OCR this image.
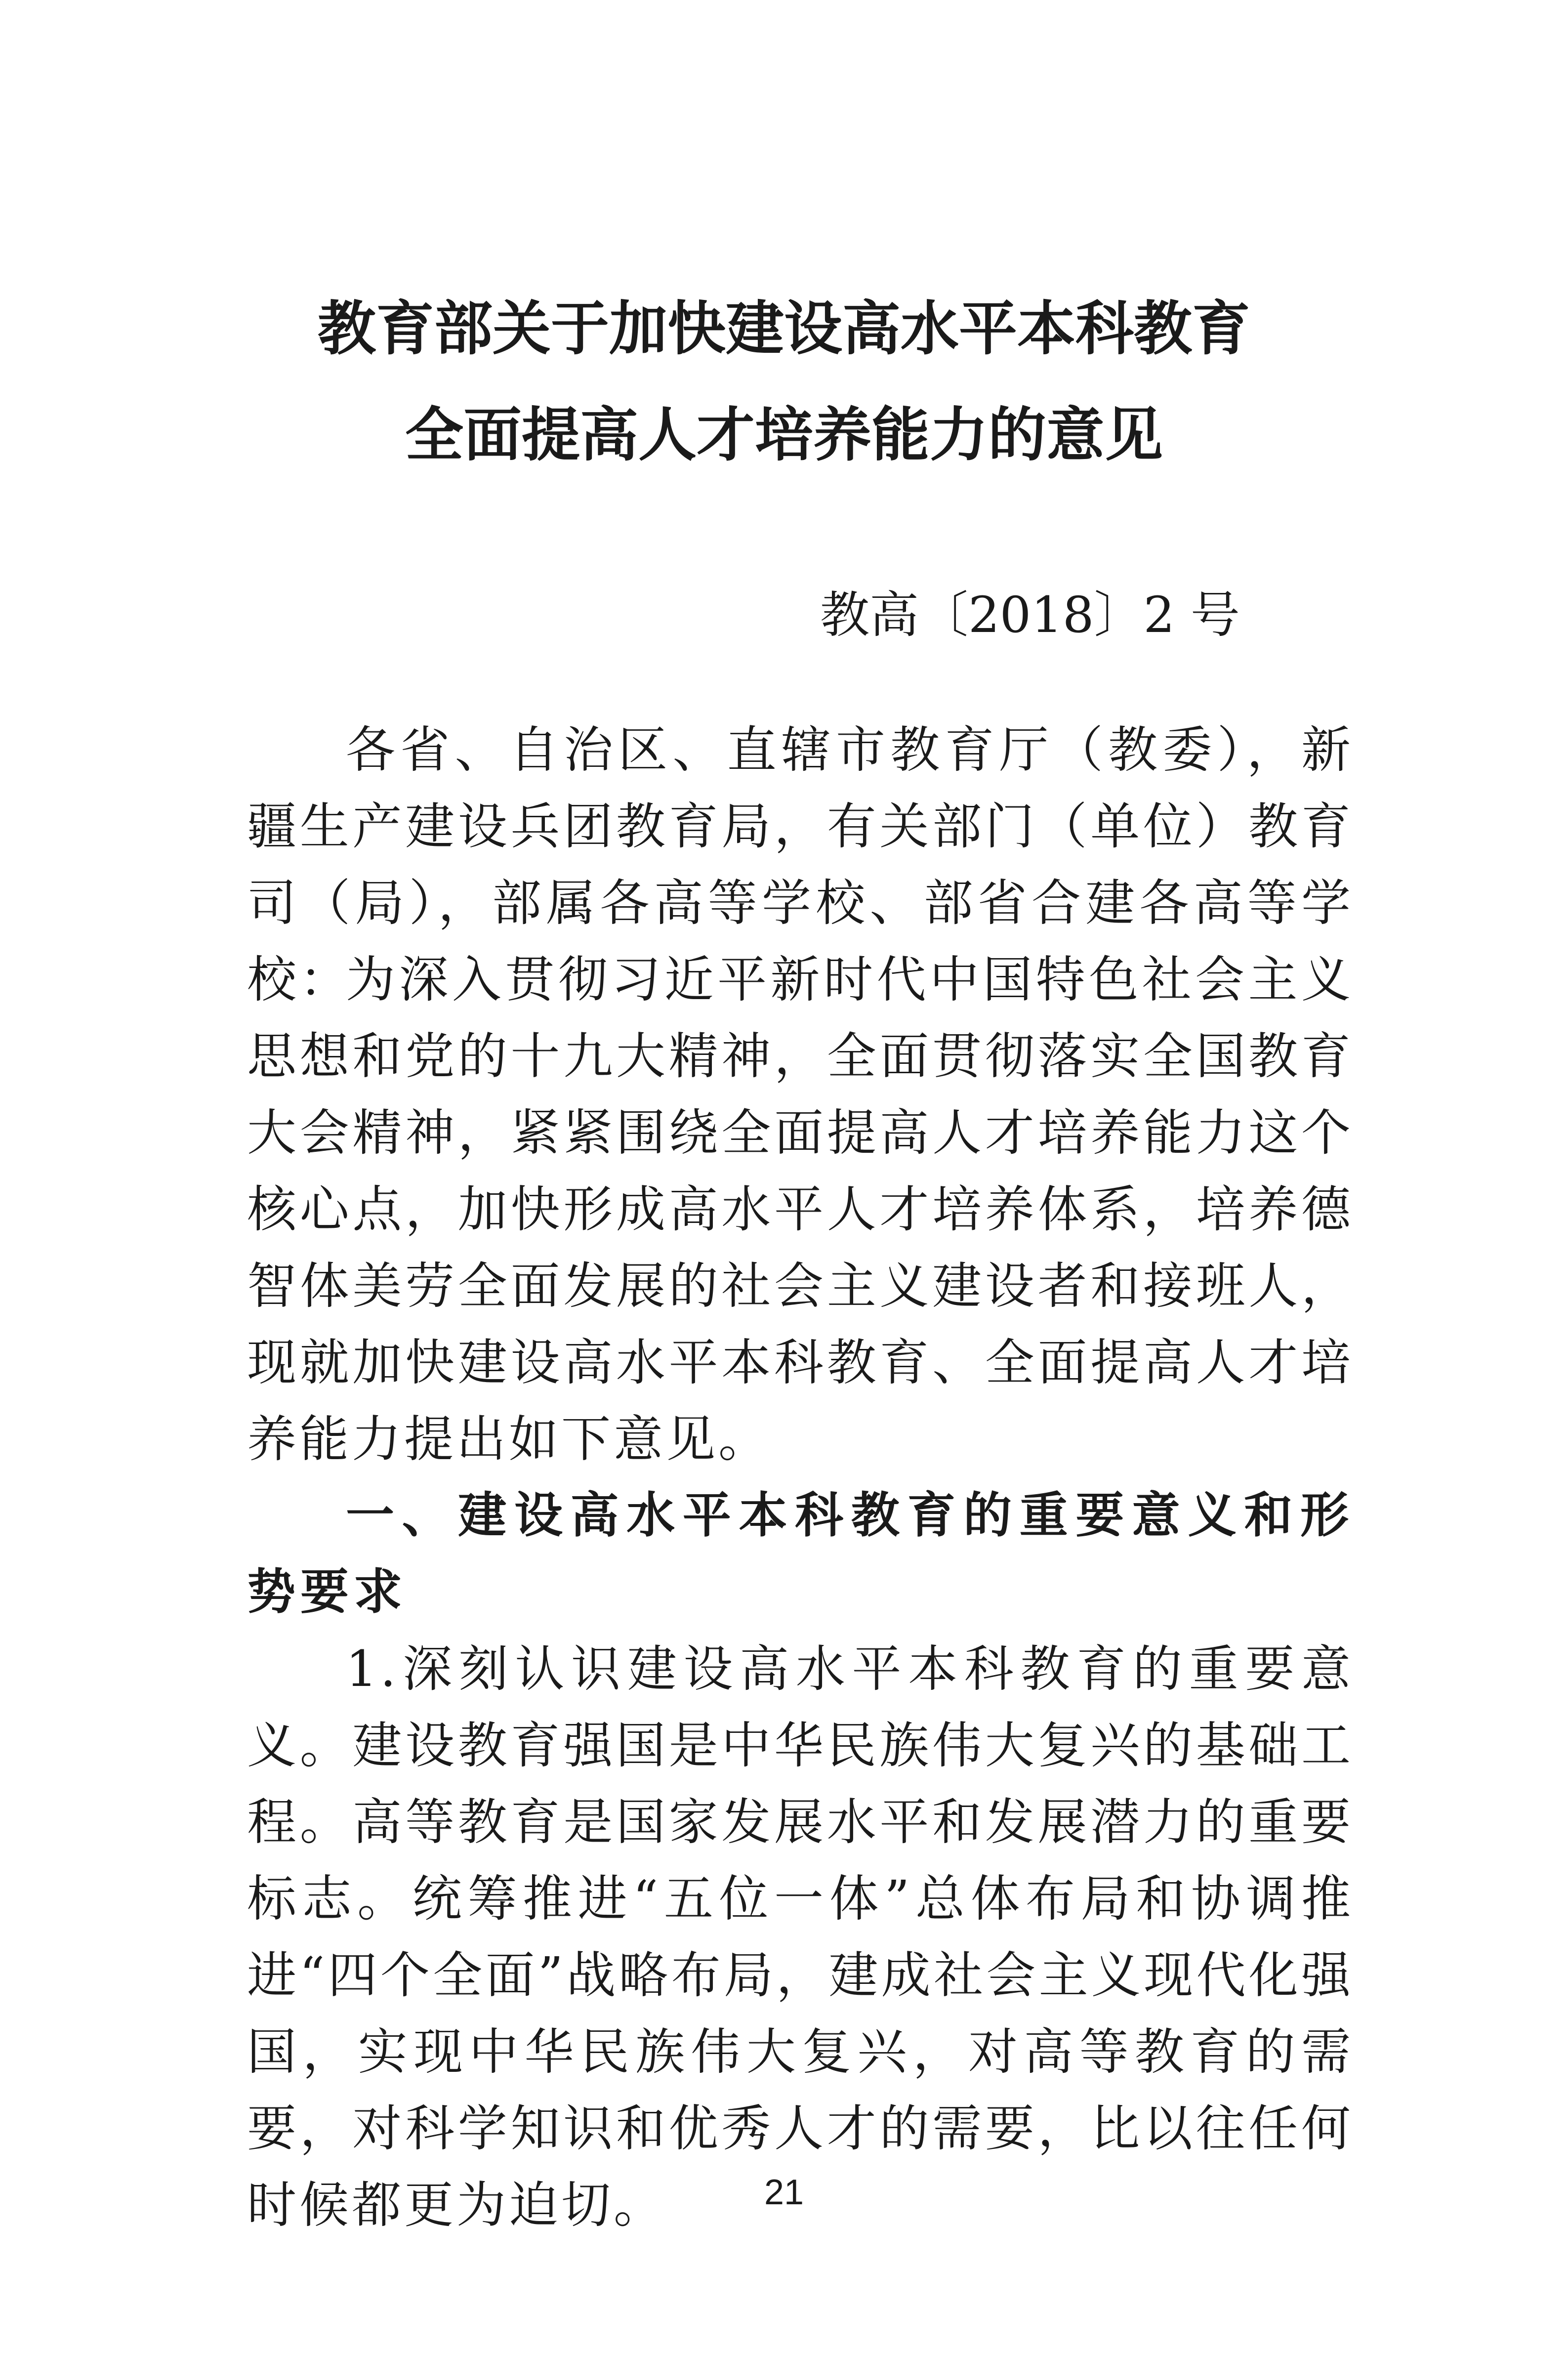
教育部关于加快建设高水平本科教育
全面提高人才培养能力的意见
教高〔2018〕2 号

各省、自治区、直辖市教育厅（教委），新疆生产建设兵团教育局，有关部门（单位）教育司（局），部属各高等学校、部省合建各高等学校：

为深入贯彻习近平新时代中国特色社会主义思想和党的十九大精神，全面贯彻落实全国教育大会精神，紧紧围绕全面提高人才培养能力这个核心点，加快形成高水平人才培养体系，培养德智体美劳全面发展的社会主义建设者和接班人，现就加快建设高水平本科教育、全面提高人才培养能力提出如下意见。

一、建设高水平本科教育的重要意义和形势要求

1.深刻认识建设高水平本科教育的重要意义。建设教育强国是中华民族伟大复兴的基础工程。高等教育是国家发展水平和发展潜力的重要标志。统筹推进“五位一体”总体布局和协调推进“四个全面”战略布局，建成社会主义现代化强国，实现中华民族伟大复兴，对高等教育的需要，对科学知识和优秀人才的需要，比以往任何时候都更为迫切。	21
